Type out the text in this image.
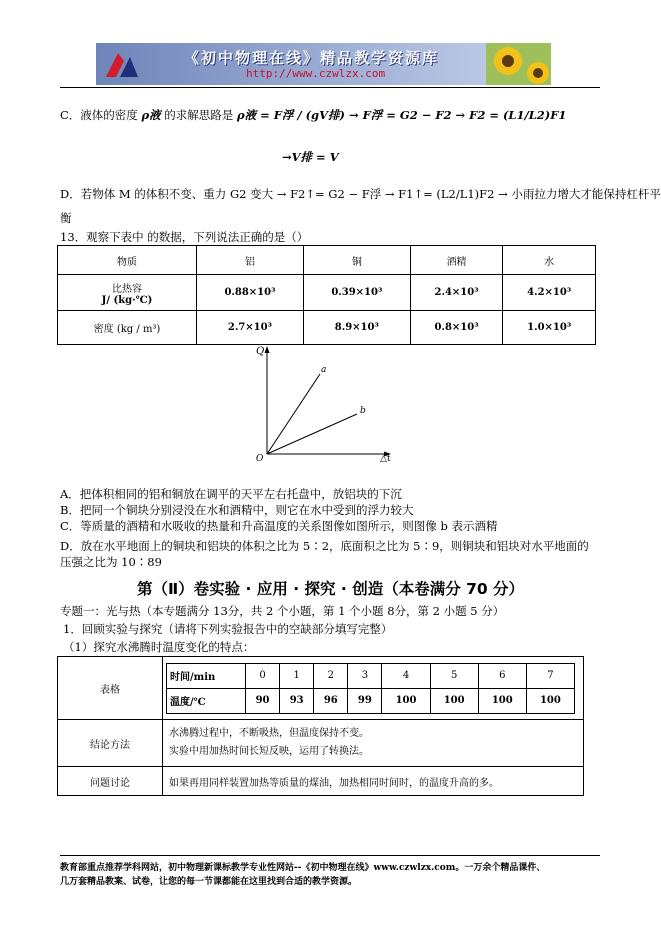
《初中物理在线》精品教学资源库
http://www.czwlzx.com
C．液体的密度 ρ液 的求解思路是 ρ液 = F浮 / (gV排) → F浮 = G2 − F2 → F2 = (L1/L2)F1
→V排 = V
D．若物体 M 的体积不变、重力 G2 变大 → F2↑= G2 − F浮 → F1↑= (L2/L1)F2 → 小雨拉力增大才能保持杠杆平
衡
13．观察下表中 的数据，下列说法正确的是（）
物质	铝	铜	酒精	水

比热容
J/ (kg·℃)	0.88×10³	0.39×10³	2.4×10³	4.2×10³
密度 (kg / m³)	2.7×10³	8.9×10³	0.8×10³	1.0×10³
Q
△t
O
a
b
A．把体积相同的铝和铜放在调平的天平左右托盘中，放铝块的下沉
B．把同一个铜块分别浸没在水和酒精中，则它在水中受到的浮力较大
C．等质量的酒精和水吸收的热量和升高温度的关系图像如图所示，则图像 b 表示酒精
D．放在水平地面上的铜块和铝块的体积之比为 5∶2，底面积之比为 5∶9，则铜块和铝块对水平地面的
压强之比为 10∶89
第（Ⅱ）卷实验 · 应用 · 探究 · 创造（本卷满分 70 分）
专题一：光与热（本专题满分 13分，共 2 个小题，第 1 个小题 8分，第 2 小题 5 分）
1．回顾实验与探究（请将下列实验报告中的空缺部分填写完整）
（1）探究水沸腾时温度变化的特点：
表格	
时间/min	0	1	2	3	4	5	6	7
温度/℃	90	93	96	99	100	100	100	100

结论方法	
水沸腾过程中，不断吸热，但温度保持不变。
实验中用加热时间长短反映，运用了转换法。

问题讨论	如果再用同样装置加热等质量的煤油，加热相同时间时，的温度升高的多。
教育部重点推荐学科网站，初中物理新课标教学专业性网站--《初中物理在线》www.czwlzx.com。一万余个精品课件、
几万套精品教案、试卷，让您的每一节课都能在这里找到合适的教学资源。
